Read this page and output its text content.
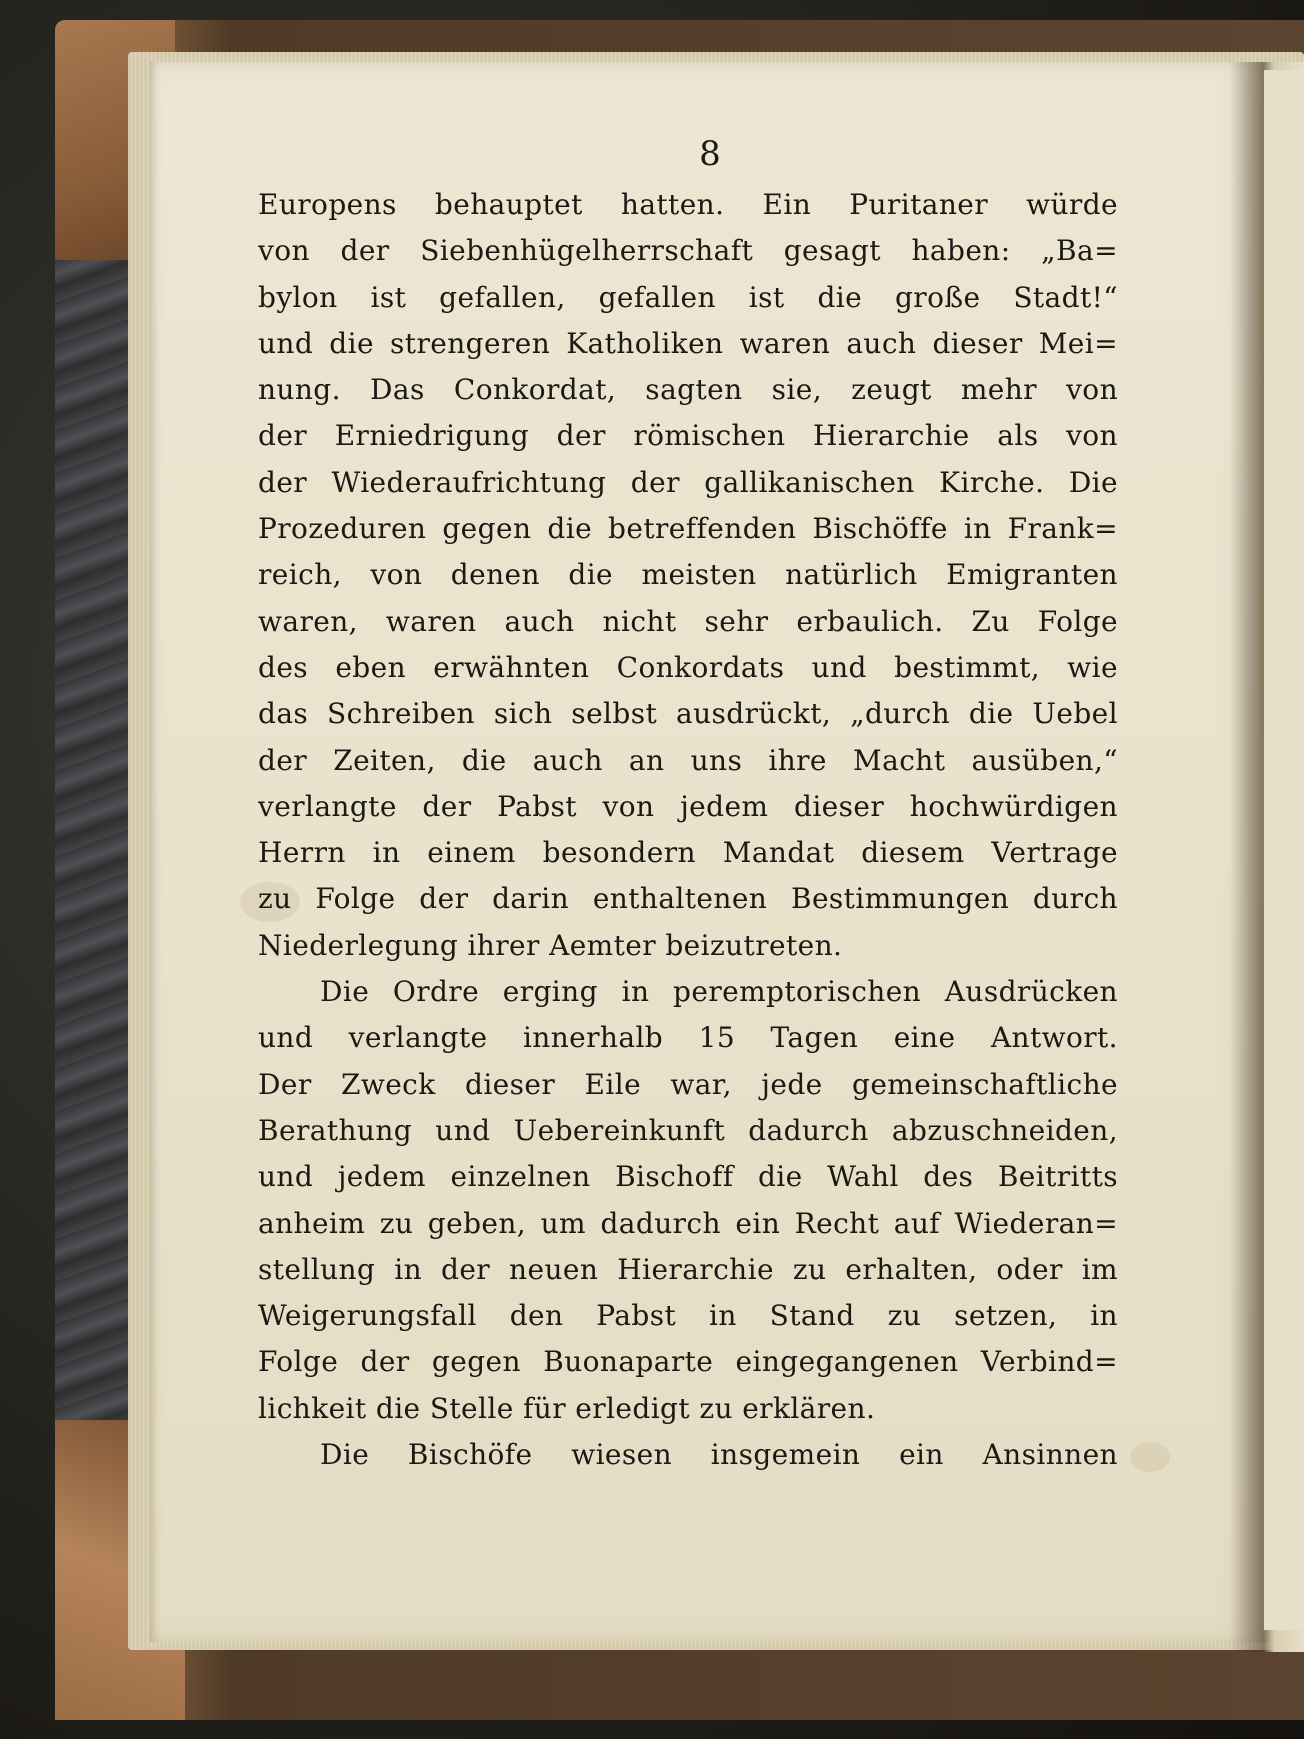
8
Europens behauptet hatten. Ein Puritaner würde
von der Siebenhügelherrschaft gesagt haben: „Ba=
bylon ist gefallen, gefallen ist die große Stadt!“
und die strengeren Katholiken waren auch dieser Mei=
nung. Das Conkordat, sagten sie, zeugt mehr von
der Erniedrigung der römischen Hierarchie als von
der Wiederaufrichtung der gallikanischen Kirche. Die
Prozeduren gegen die betreffenden Bischöffe in Frank=
reich, von denen die meisten natürlich Emigranten
waren, waren auch nicht sehr erbaulich. Zu Folge
des eben erwähnten Conkordats und bestimmt, wie
das Schreiben sich selbst ausdrückt, „durch die Uebel
der Zeiten, die auch an uns ihre Macht ausüben,“
verlangte der Pabst von jedem dieser hochwürdigen
Herrn in einem besondern Mandat diesem Vertrage
zu Folge der darin enthaltenen Bestimmungen durch
Niederlegung ihrer Aemter beizutreten.
Die Ordre erging in peremptorischen Ausdrücken
und verlangte innerhalb 15 Tagen eine Antwort.
Der Zweck dieser Eile war, jede gemeinschaftliche
Berathung und Uebereinkunft dadurch abzuschneiden,
und jedem einzelnen Bischoff die Wahl des Beitritts
anheim zu geben, um dadurch ein Recht auf Wiederan=
stellung in der neuen Hierarchie zu erhalten, oder im
Weigerungsfall den Pabst in Stand zu setzen, in
Folge der gegen Buonaparte eingegangenen Verbind=
lichkeit die Stelle für erledigt zu erklären.
Die Bischöfe wiesen insgemein ein Ansinnen
